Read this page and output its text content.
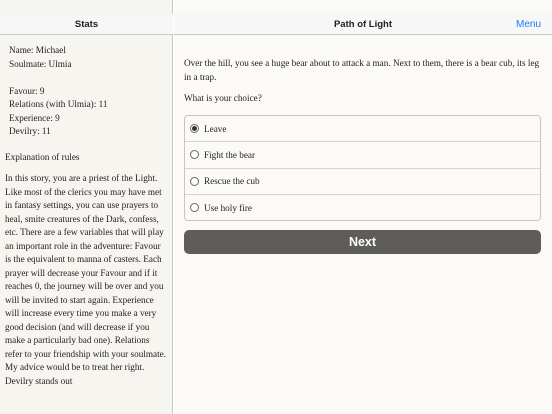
Stats
Name: Michael
Soulmate: Ulmia
Favour: 9
Relations (with Ulmia): 11
Experience: 9
Devilry: 11
Explanation of rules
In this story, you are a priest of the Light. Like most of the clerics you may have met in fantasy settings, you can use prayers to heal, smite creatures of the Dark, confess, etc. There are a few variables that will play an important role in the adventure: Favour is the equivalent to manna of casters. Each prayer will decrease your Favour and if it reaches 0, the journey will be over and you will be invited to start again. Experience will increase every time you make a very good decision (and will decrease if you make a particularly bad one). Relations refer to your friendship with your soulmate. My advice would be to treat her right. Devilry stands out
Path of Light	Menu
Over the hill, you see a huge bear about to attack a man. Next to them, there is a bear cub, its leg in a trap.
What is your choice?
Leave
Fight the bear
Rescue the cub
Use holy fire
Next
